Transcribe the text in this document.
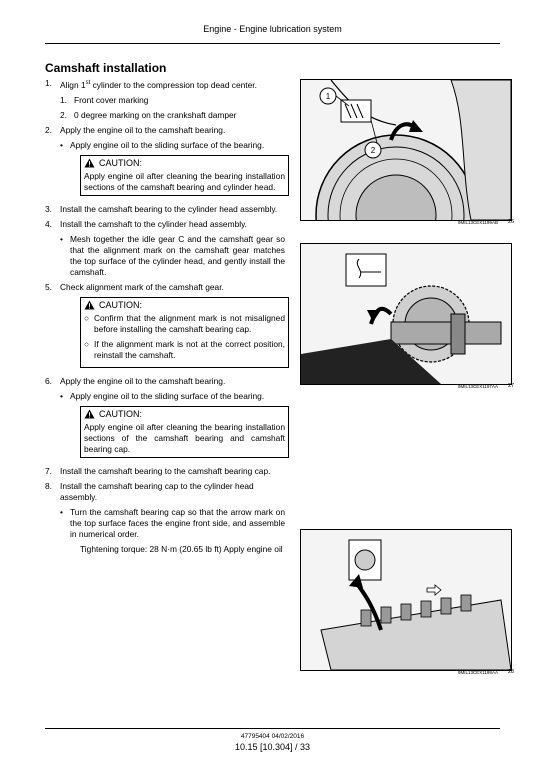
Engine - Engine lubrication system
Camshaft installation
1. Align 1st cylinder to the compression top dead center.
1. Front cover marking
2. 0 degree marking on the crankshaft damper
2. Apply the engine oil to the camshaft bearing.
• Apply engine oil to the sliding surface of the bearing.
CAUTION:
Apply engine oil after cleaning the bearing installation sections of the camshaft bearing and cylinder head.
3. Install the camshaft bearing to the cylinder head assembly.
4. Install the camshaft to the cylinder head assembly.
• Mesh together the idle gear C and the camshaft gear so that the alignment mark on the camshaft gear matches the top surface of the cylinder head, and gently install the camshaft.
5. Check alignment mark of the camshaft gear.
CAUTION:
○ Confirm that the alignment mark is not misaligned before installing the camshaft bearing cap.
○ If the alignment mark is not at the correct position, reinstall the camshaft.
6. Apply the engine oil to the camshaft bearing.
• Apply engine oil to the sliding surface of the bearing.
CAUTION:
Apply engine oil after cleaning the bearing installation sections of the camshaft bearing and camshaft bearing cap.
7. Install the camshaft bearing to the camshaft bearing cap.
8. Install the camshaft bearing cap to the cylinder head assembly.
• Turn the camshaft bearing cap so that the arrow mark on the top surface faces the engine front side, and assemble in numerical order.
Tightening torque: 28 N·m (20.65 lb ft) Apply engine oil
1
2
9MIL13CEX1199AB 26
9MIL13CEX1197AA 27
9MIL13CEX1198AA 28
47795404 04/02/2016
10.15 [10.304] / 33
